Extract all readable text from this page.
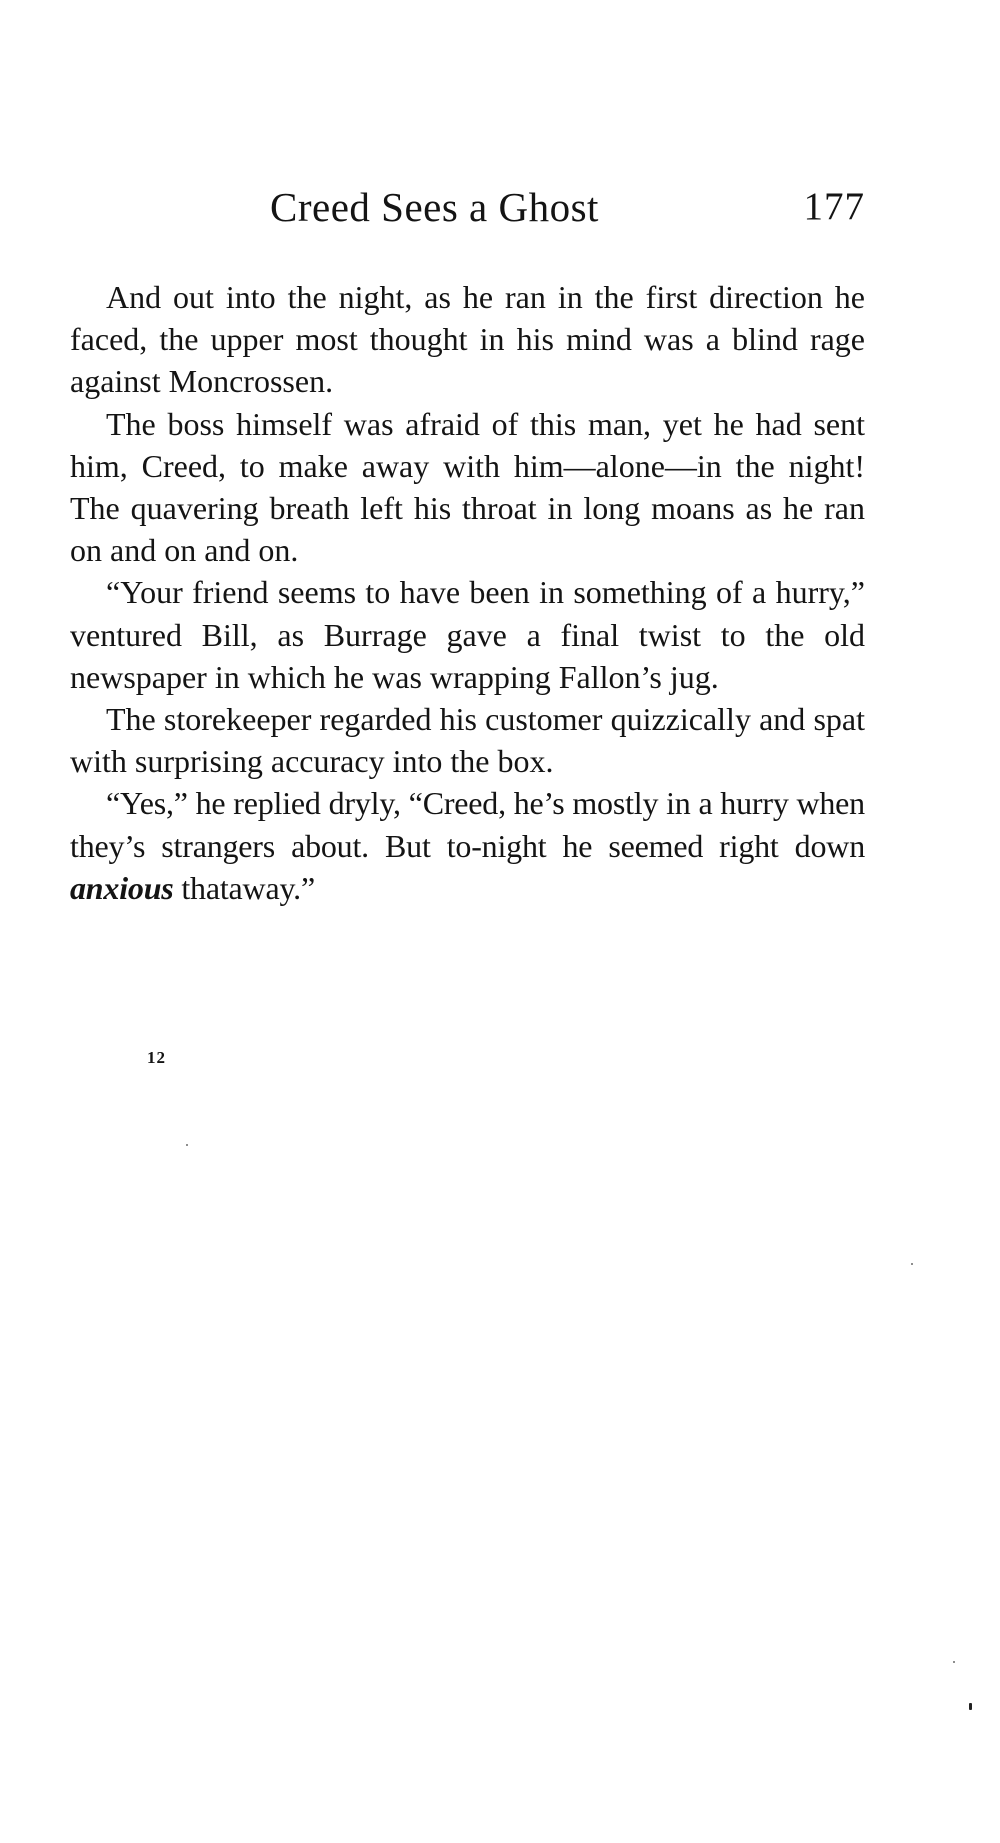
Creed Sees a Ghost	177

And out into the night, as he ran in the first direction he faced, the upper most thought in his mind was a blind rage against Moncrossen.

The boss himself was afraid of this man, yet he had sent him, Creed, to make away with him—alone—in the night! The quavering breath left his throat in long moans as he ran on and on and on.

“Your friend seems to have been in something of a hurry,” ventured Bill, as Burrage gave a final twist to the old newspaper in which he was wrapping Fallon’s jug.

The storekeeper regarded his customer quizzically and spat with surprising accuracy into the box.

“Yes,” he replied dryly, “Creed, he’s mostly in a hurry when they’s strangers about. But to-night he seemed right down anxious thataway.”

12
